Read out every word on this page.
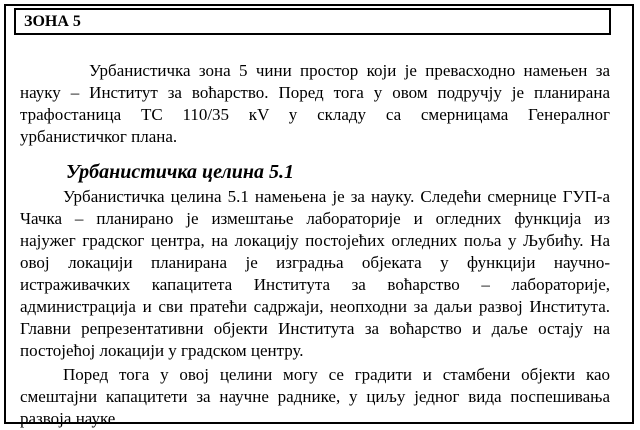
ЗОНА 5
Урбанистичка зона 5 чини простор који је превасходно намењен за
науку – Институт за воћарство. Поред тога у овом подручју је планирана
трафостаница ТС 110/35 кV у складу са смерницама Генералног
урбанистичког плана.
Урбанистичка целина 5.1
Урбанистичка целина 5.1 намењена је за науку. Следећи смернице ГУП-а
Чачка – планирано је измештање лабораторије и огледних функција из
најужег градског центра, на локацију постојећих огледних поља у Љубићу. На
овој локацији планирана је изградња објеката у функцији научно-
истраживачких капацитета Института за воћарство – лабораторије,
администрација и сви пратећи садржаји, неопходни за даљи развој Института.
Главни репрезентативни објекти Института за воћарство и даље остају на
постојећој локацији у градском центру.
Поред тога у овој целини могу се градити и стамбени објекти као
смештајни капацитети за научне раднике, у циљу једног вида поспешивања
развоја науке.
